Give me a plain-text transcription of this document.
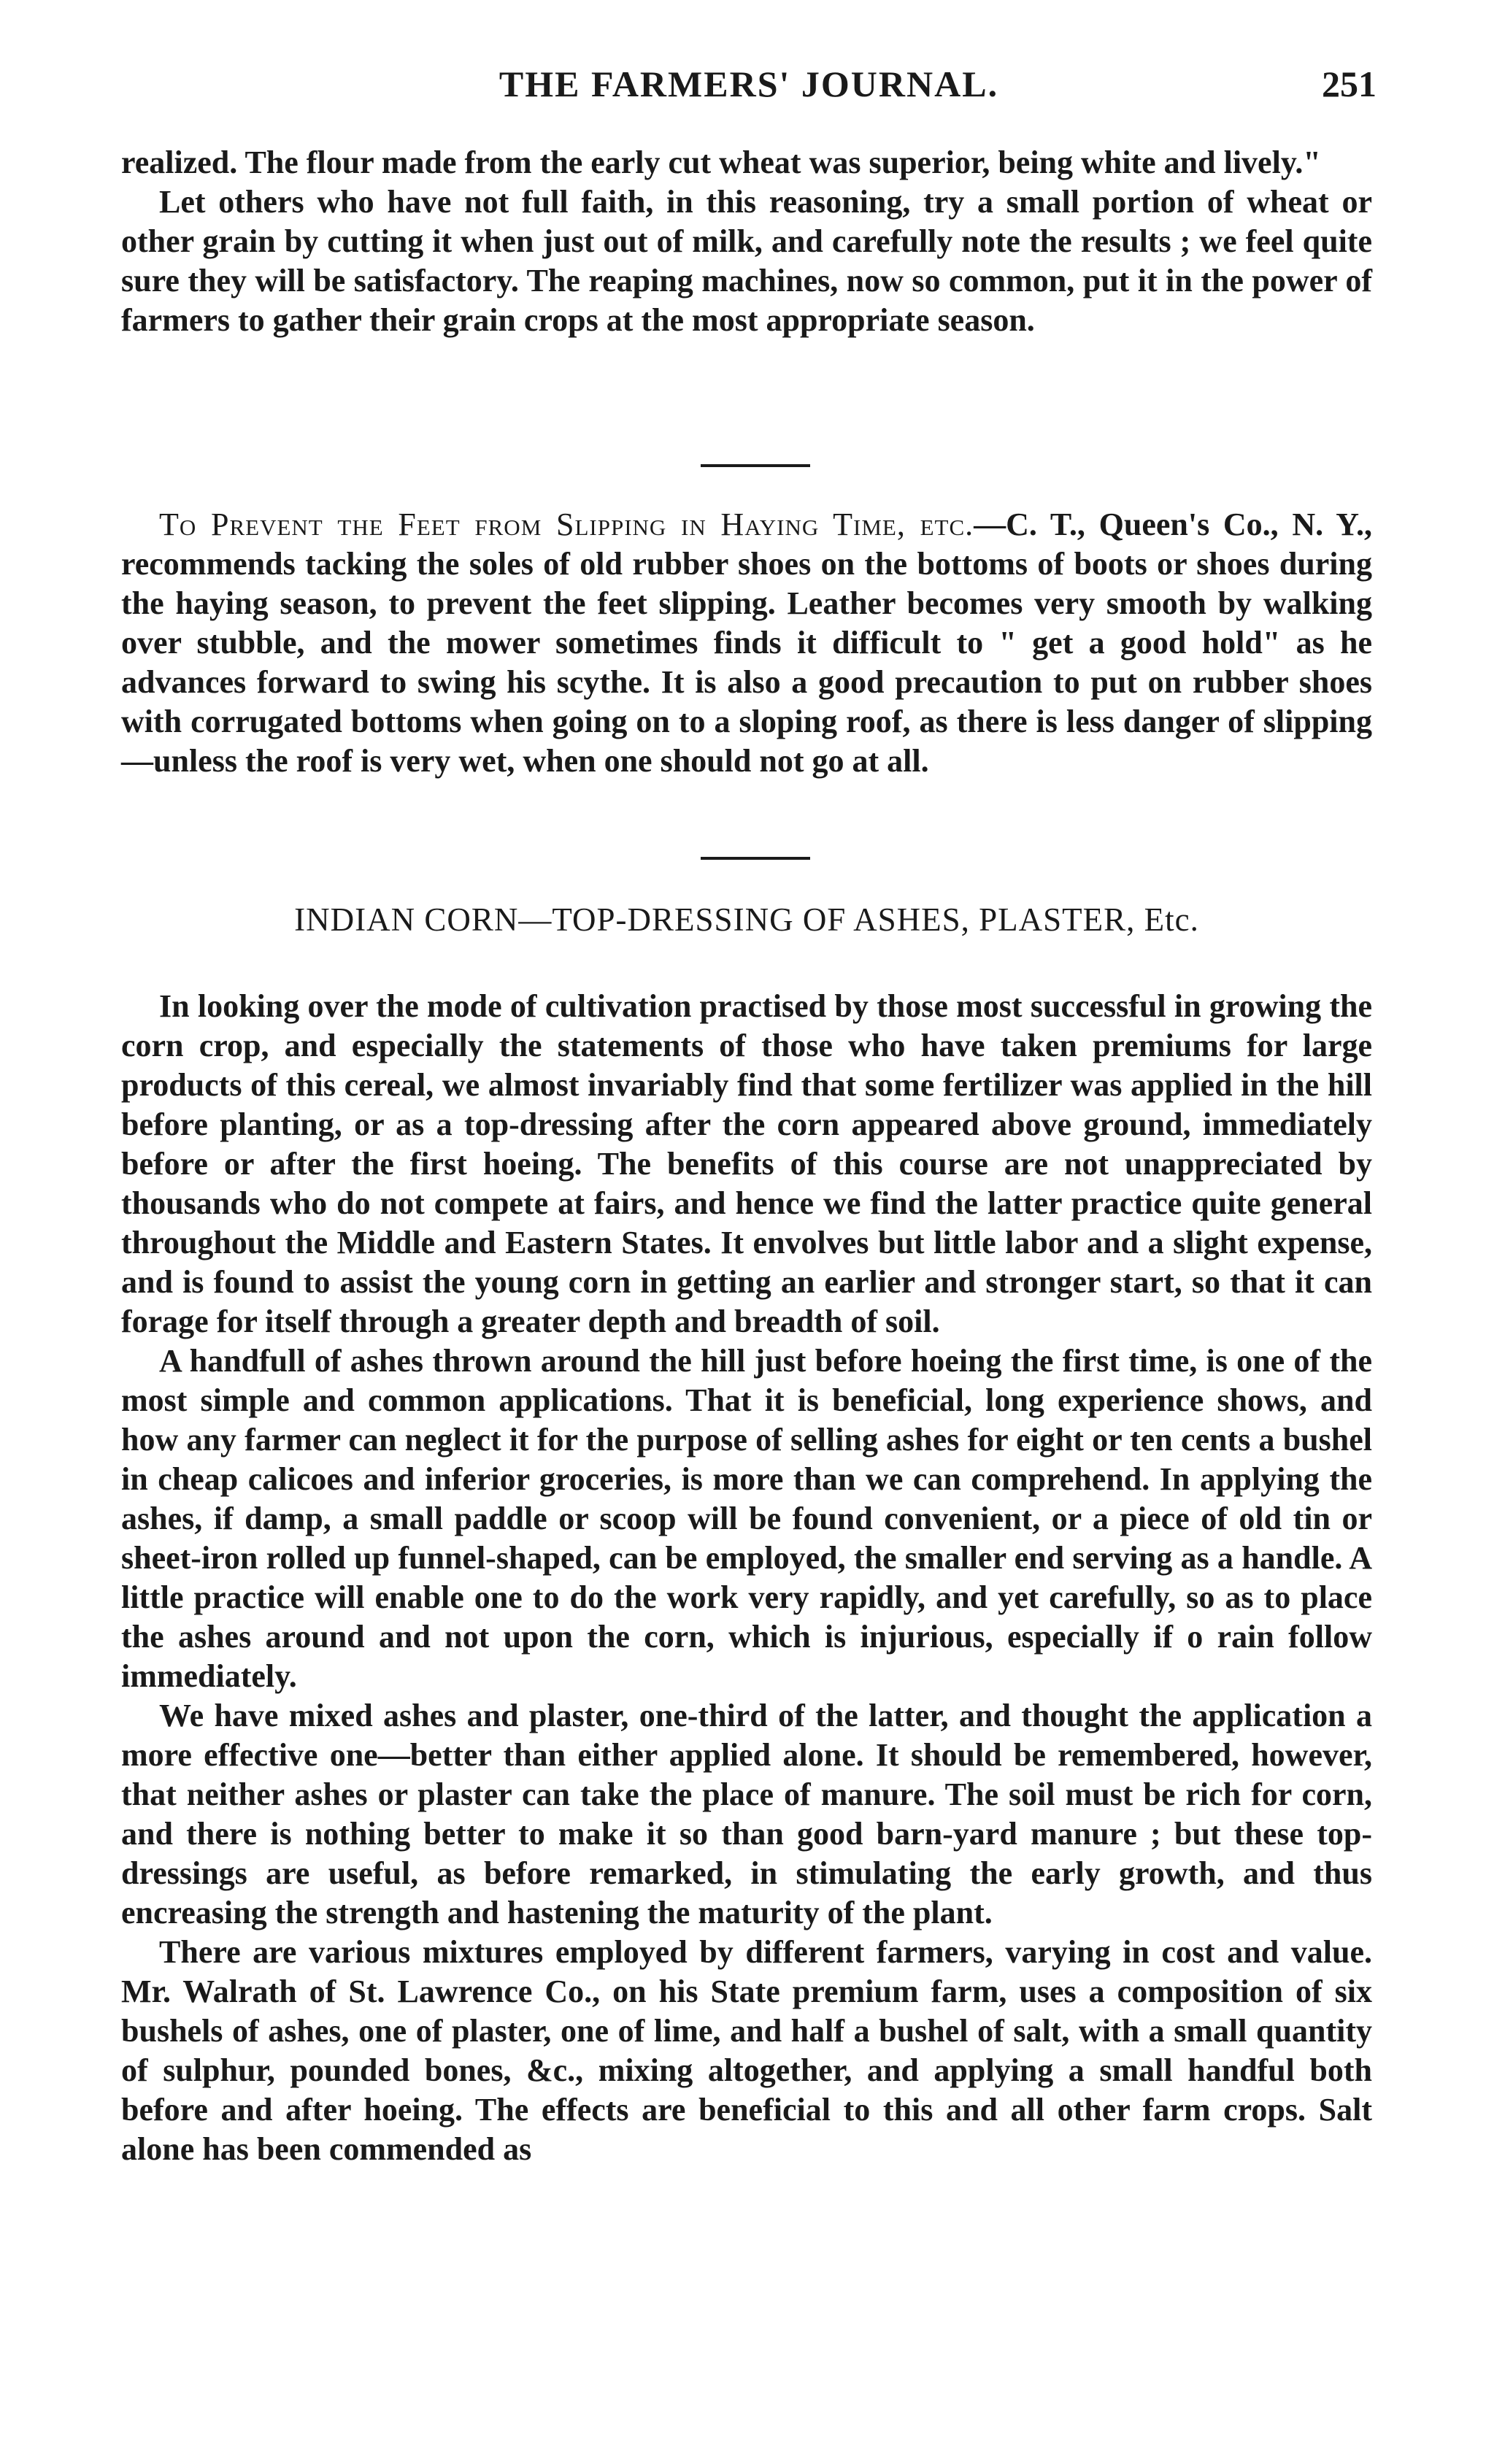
THE FARMERS' JOURNAL.	251

realized. The flour made from the early cut wheat was superior, being white and lively."

Let others who have not full faith, in this reasoning, try a small portion of wheat or other grain by cutting it when just out of milk, and carefully note the results ; we feel quite sure they will be satisfactory. The reaping machines, now so common, put it in the power of farmers to gather their grain crops at the most appropriate season.

To Prevent the Feet from Slipping in Haying Time, etc.—C. T., Queen's Co., N. Y., recommends tacking the soles of old rubber shoes on the bottoms of boots or shoes during the haying season, to prevent the feet slipping. Leather becomes very smooth by walking over stubble, and the mower sometimes finds it difficult to " get a good hold" as he advances forward to swing his scythe. It is also a good precaution to put on rubber shoes with corrugated bottoms when going on to a sloping roof, as there is less danger of slipping—unless the roof is very wet, when one should not go at all.

INDIAN CORN—TOP-DRESSING OF ASHES, PLASTER, Etc.

In looking over the mode of cultivation practised by those most successful in growing the corn crop, and especially the statements of those who have taken premiums for large products of this cereal, we almost invariably find that some fertilizer was applied in the hill before planting, or as a top-dressing after the corn appeared above ground, immediately before or after the first hoeing. The benefits of this course are not unappreciated by thousands who do not compete at fairs, and hence we find the latter practice quite general throughout the Middle and Eastern States. It envolves but little labor and a slight expense, and is found to assist the young corn in getting an earlier and stronger start, so that it can forage for itself through a greater depth and breadth of soil.

A handfull of ashes thrown around the hill just before hoeing the first time, is one of the most simple and common applications. That it is beneficial, long experience shows, and how any farmer can neglect it for the purpose of selling ashes for eight or ten cents a bushel in cheap calicoes and inferior groceries, is more than we can comprehend. In applying the ashes, if damp, a small paddle or scoop will be found convenient, or a piece of old tin or sheet-iron rolled up funnel-shaped, can be employed, the smaller end serving as a handle. A little practice will enable one to do the work very rapidly, and yet carefully, so as to place the ashes around and not upon the corn, which is injurious, especially if o rain follow immediately.

We have mixed ashes and plaster, one-third of the latter, and thought the application a more effective one—better than either applied alone. It should be remembered, however, that neither ashes or plaster can take the place of manure. The soil must be rich for corn, and there is nothing better to make it so than good barn-yard manure ; but these top-dressings are useful, as before remarked, in stimulating the early growth, and thus encreasing the strength and hastening the maturity of the plant.

There are various mixtures employed by different farmers, varying in cost and value. Mr. Walrath of St. Lawrence Co., on his State premium farm, uses a composition of six bushels of ashes, one of plaster, one of lime, and half a bushel of salt, with a small quantity of sulphur, pounded bones, &c., mixing altogether, and applying a small handful both before and after hoeing. The effects are beneficial to this and all other farm crops. Salt alone has been commended as
